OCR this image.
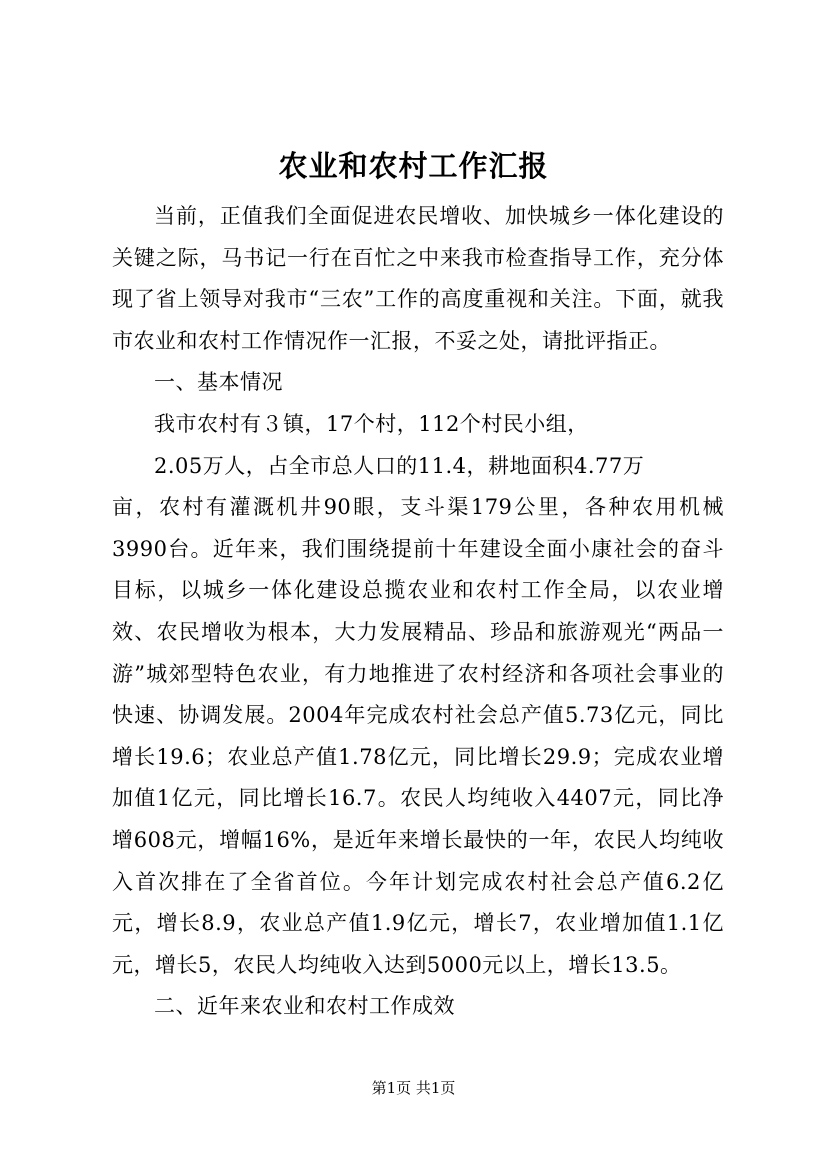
农业和农村工作汇报

当前，正值我们全面促进农民增收、加快城乡一体化建设的关键之际，马书记一行在百忙之中来我市检查指导工作，充分体现了省上领导对我市“三农”工作的高度重视和关注。下面，就我市农业和农村工作情况作一汇报，不妥之处，请批评指正。

一、基本情况

我市农村有３镇，17个村，112个村民小组，

2.05万人，占全市总人口的11.4，耕地面积4.77万

亩，农村有灌溉机井90眼，支斗渠179公里，各种农用机械3990台。近年来，我们围绕提前十年建设全面小康社会的奋斗目标，以城乡一体化建设总揽农业和农村工作全局，以农业增效、农民增收为根本，大力发展精品、珍品和旅游观光“两品一游”城郊型特色农业，有力地推进了农村经济和各项社会事业的快速、协调发展。2004年完成农村社会总产值5.73亿元，同比增长19.6；农业总产值1.78亿元，同比增长29.9；完成农业增加值1亿元，同比增长16.7。农民人均纯收入4407元，同比净增608元，增幅16%，是近年来增长最快的一年，农民人均纯收入首次排在了全省首位。今年计划完成农村社会总产值6.2亿元，增长8.9，农业总产值1.9亿元，增长7，农业增加值1.1亿元，增长5，农民人均纯收入达到5000元以上，增长13.5。

二、近年来农业和农村工作成效

第1页 共1页
